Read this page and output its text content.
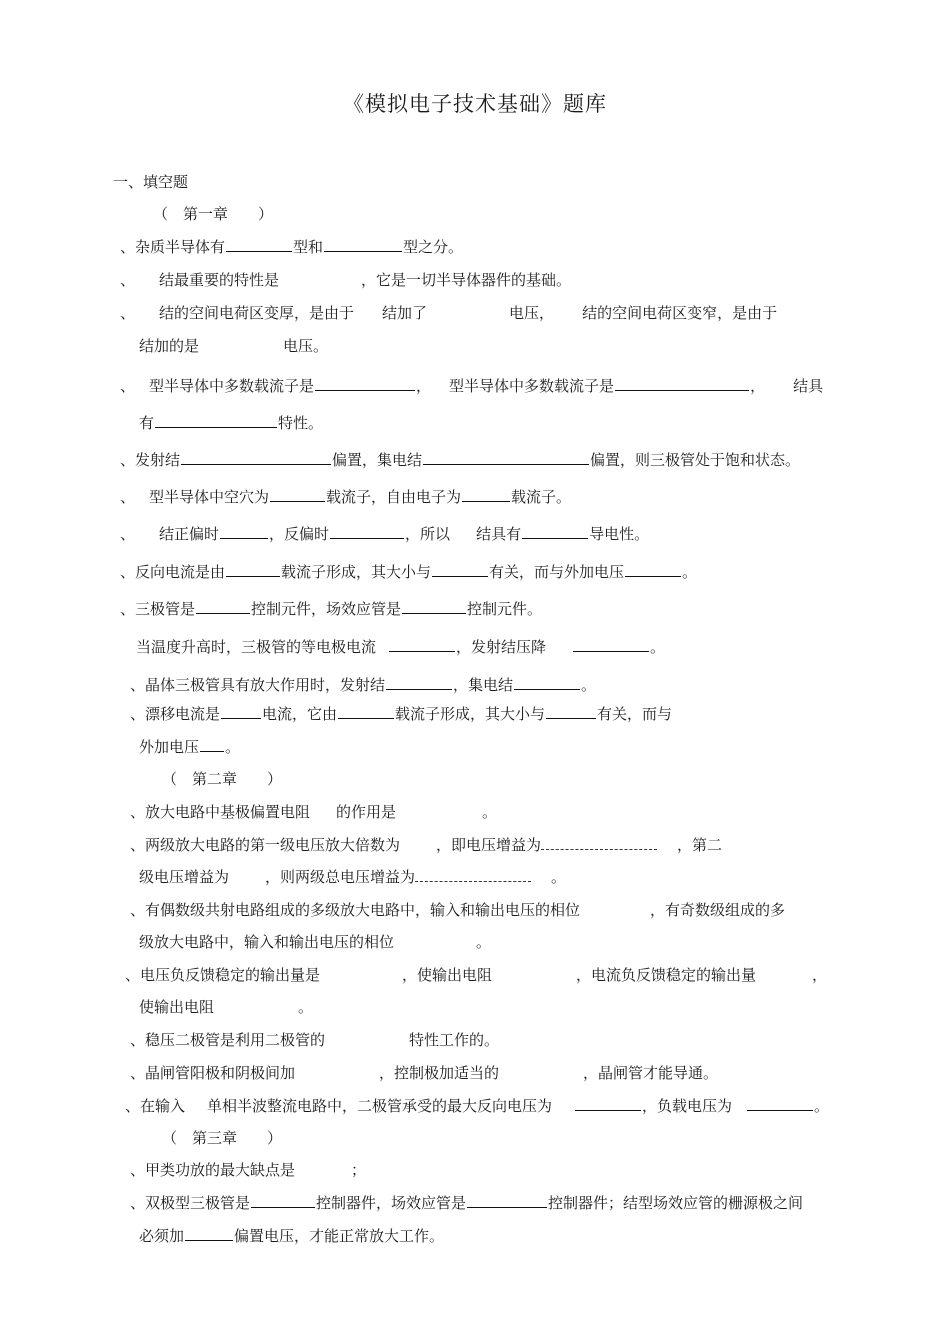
《模拟电子技术基础》题库
一、填空题
（　第一章　　）
、杂质半导体有	型和	型之分。
、 结最重要的特性是	，它是一切半导体器件的基础。
、 结的空间电荷区变厚，是由于 结加了	电压， 结的空间电荷区变窄，是由于
结加的是	电压。
、 型半导体中多数载流子是	， 型半导体中多数载流子是	， 结具
有	特性。
、发射结	偏置，集电结	偏置，则三极管处于饱和状态。
、 型半导体中空穴为	载流子，自由电子为	载流子。
、 结正偏时	，反偏时	，所以 结具有	导电性。
、反向电流是由	载流子形成，其大小与	有关，而与外加电压	。
、三极管是	控制元件，场效应管是	控制元件。
当温度升高时，三极管的等电极电流	，发射结压降	。
、晶体三极管具有放大作用时，发射结	，集电结	。
、漂移电流是	电流，它由	载流子形成，其大小与	有关，而与
外加电压 。
（　第二章　　）
、放大电路中基极偏置电阻 的作用是	。
、两级放大电路的第一级电压放大倍数为 ，即电压增益为	，第二
级电压增益为 ，则两级总电压增益为	。
、有偶数级共射电路组成的多级放大电路中，输入和输出电压的相位	，有奇数级组成的多
级放大电路中，输入和输出电压的相位	。
、电压负反馈稳定的输出量是	，使输出电阻	，电流负反馈稳定的输出量	，
使输出电阻	。
、稳压二极管是利用二极管的	特性工作的。
、晶闸管阳极和阴极间加	，控制极加适当的	，晶闸管才能导通。
、在输入 单相半波整流电路中，二极管承受的最大反向电压为	，负载电压为	。
（　第三章　　）
、甲类功放的最大缺点是	；
、双极型三极管是	控制器件，场效应管是	控制器件；结型场效应管的栅源极之间
必须加	偏置电压，才能正常放大工作。
